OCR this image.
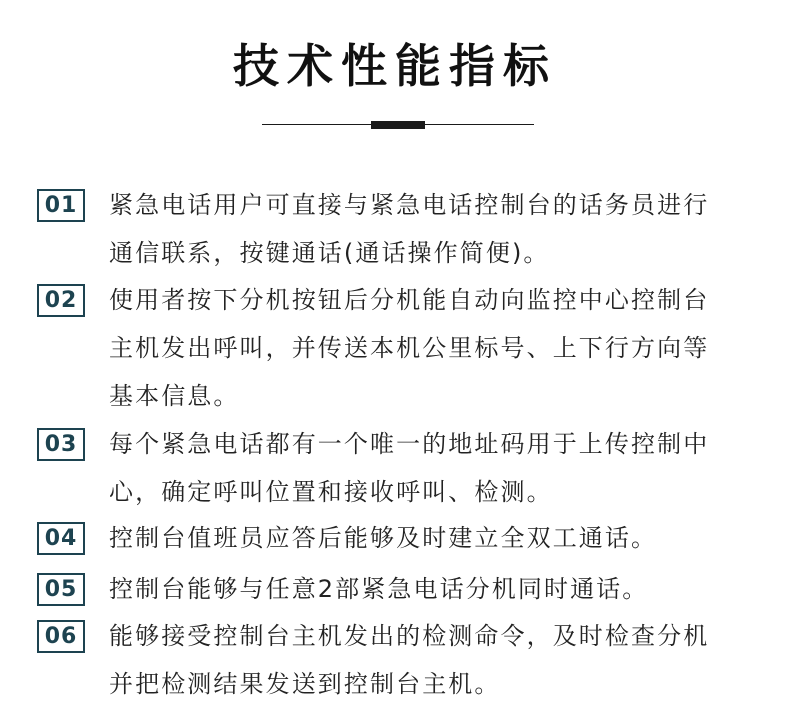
技术性能指标
01	紧急电话用户可直接与紧急电话控制台的话务员进行
通信联系，按键通话(通话操作简便)。
02	使用者按下分机按钮后分机能自动向监控中心控制台
主机发出呼叫，并传送本机公里标号、上下行方向等
基本信息。
03	每个紧急电话都有一个唯一的地址码用于上传控制中
心，确定呼叫位置和接收呼叫、检测。
04	控制台值班员应答后能够及时建立全双工通话。
05	控制台能够与任意2部紧急电话分机同时通话。
06	能够接受控制台主机发出的检测命令，及时检查分机
并把检测结果发送到控制台主机。
